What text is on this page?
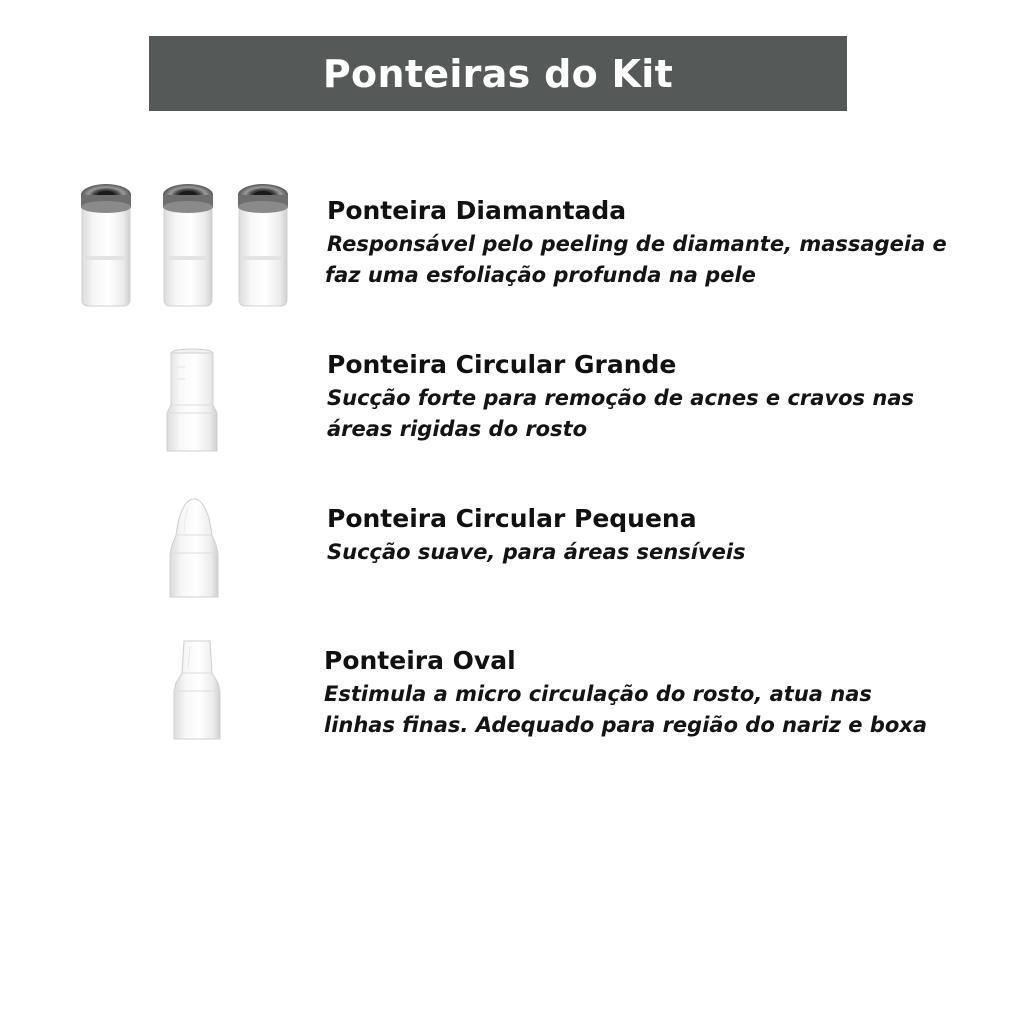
Ponteiras do Kit
Ponteira Diamantada

Responsável pelo peeling de diamante, massageia e

faz uma esfoliação profunda na pele

Ponteira Circular Grande

Sucção forte para remoção de acnes e cravos nas

áreas rigidas do rosto

Ponteira Circular Pequena

Sucção suave, para áreas sensíveis

Ponteira Oval

Estimula a micro circulação do rosto, atua nas

linhas finas. Adequado para região do nariz e boxa
